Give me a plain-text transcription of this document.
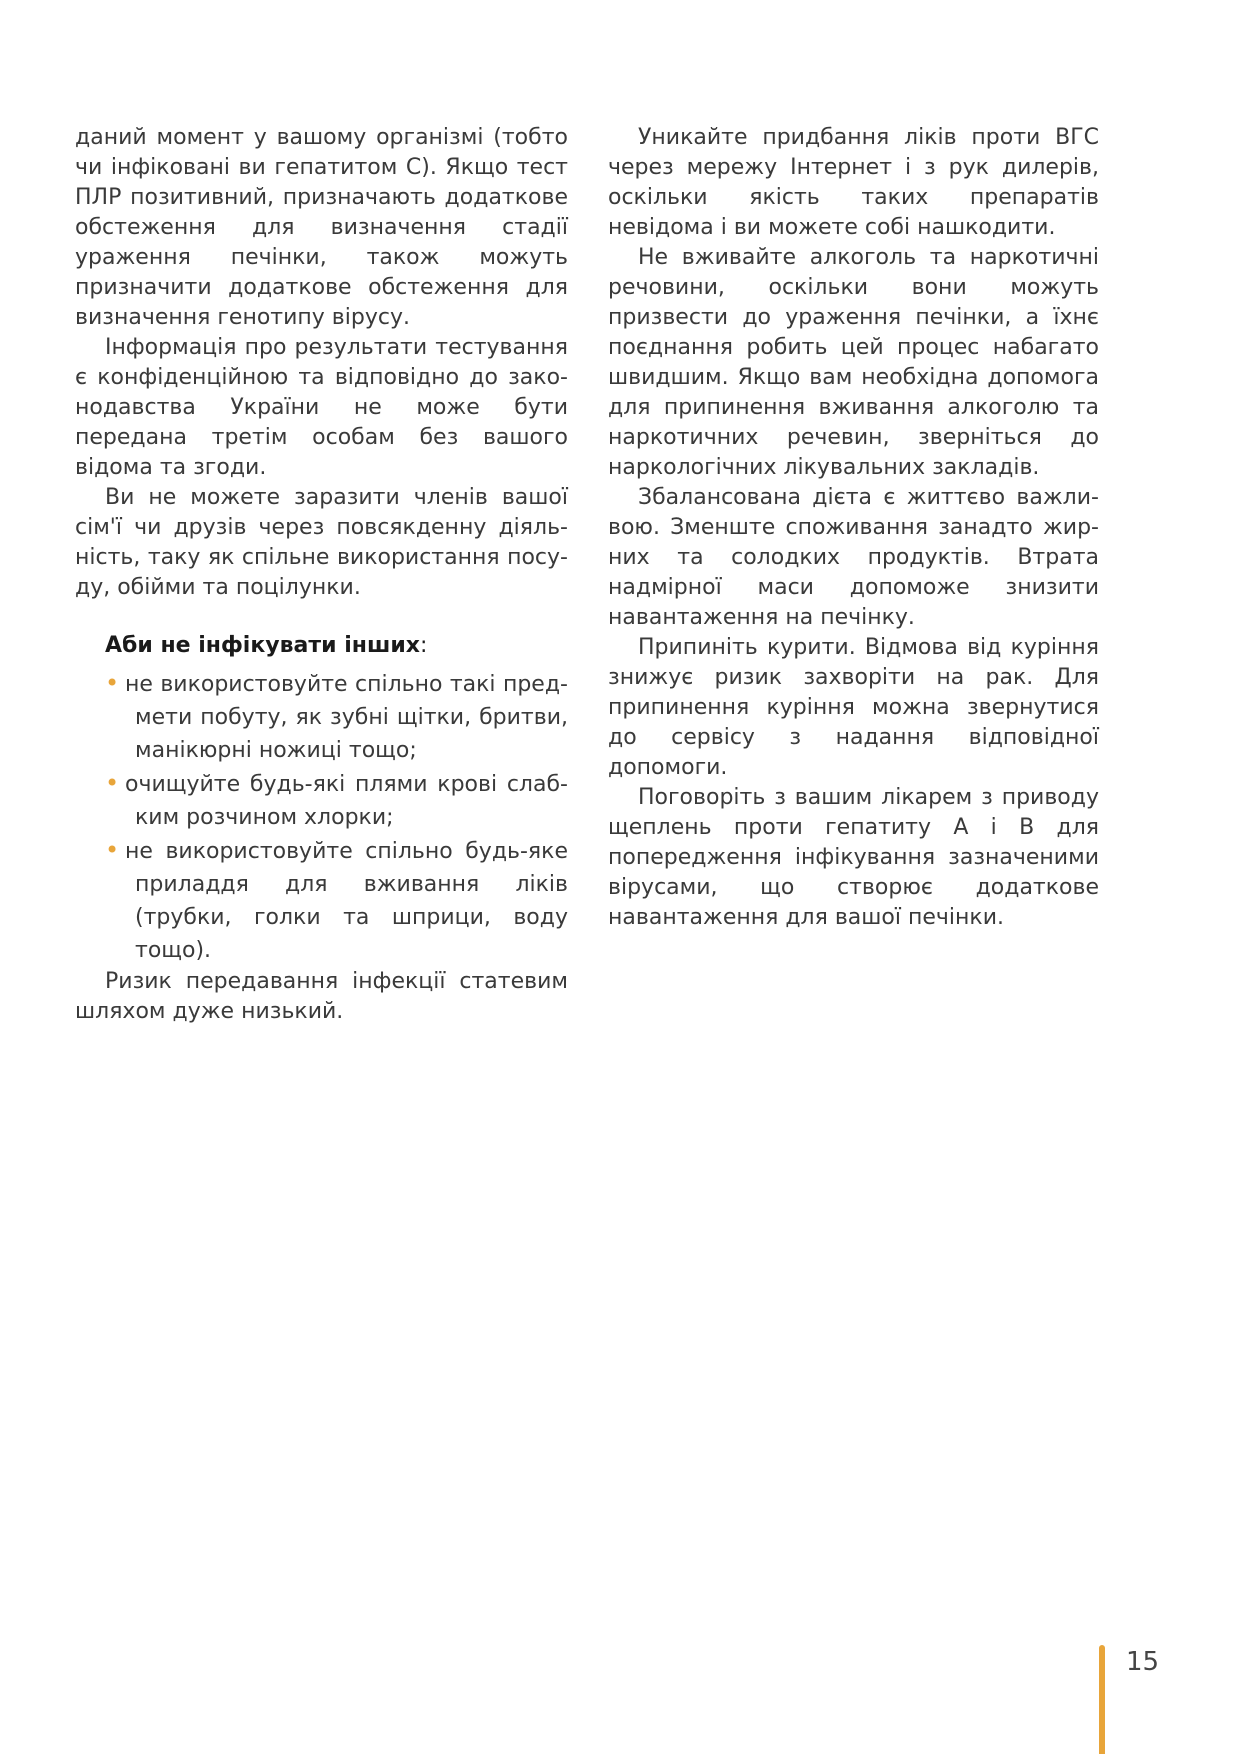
даний момент у вашому організмі (тобто чи інфіковані ви гепатитом С). Якщо тест ПЛР позитивний, призначають додаткове обстеження для визначення стадії ураження печінки, також можуть призначити додаткове обстеження для визначення генотипу вірусу.

Інформація про результати тестування є конфіденційною та відповідно до законодавства України не може бути передана третім особам без вашого відома та згоди.

Ви не можете заразити членів вашої сім'ї чи друзів через повсякденну діяльність, таку як спільне використання посуду, обійми та поцілунки.

Аби не інфікувати інших:
• не використовуйте спільно такі предмети побуту, як зубні щітки, бритви, манікюрні ножиці тощо;
• очищуйте будь-які плями крові слабким розчином хлорки;
• не використовуйте спільно будь-яке приладдя для вживання ліків (трубки, голки та шприци, воду тощо).

Ризик передавання інфекції статевим шляхом дуже низький.

Уникайте придбання ліків проти ВГС через мережу Інтернет і з рук дилерів, оскільки якість таких препаратів невідома і ви можете собі нашкодити.

Не вживайте алкоголь та наркотичні речовини, оскільки вони можуть призвести до ураження печінки, а їхнє поєднання робить цей процес набагато швидшим. Якщо вам необхідна допомога для припинення вживання алкоголю та наркотичних речевин, зверніться до наркологічних лікувальних закладів.

Збалансована дієта є життєво важливою. Зменште споживання занадто жирних та солодких продуктів. Втрата надмірної маси допоможе знизити навантаження на печінку.

Припиніть курити. Відмова від куріння знижує ризик захворіти на рак. Для припинення куріння можна звернутися до сервісу з надання відповідної допомоги.

Поговоріть з вашим лікарем з приводу щеплень проти гепатиту А і В для попередження інфікування зазначеними вірусами, що створює додаткове навантаження для вашої печінки.

15
